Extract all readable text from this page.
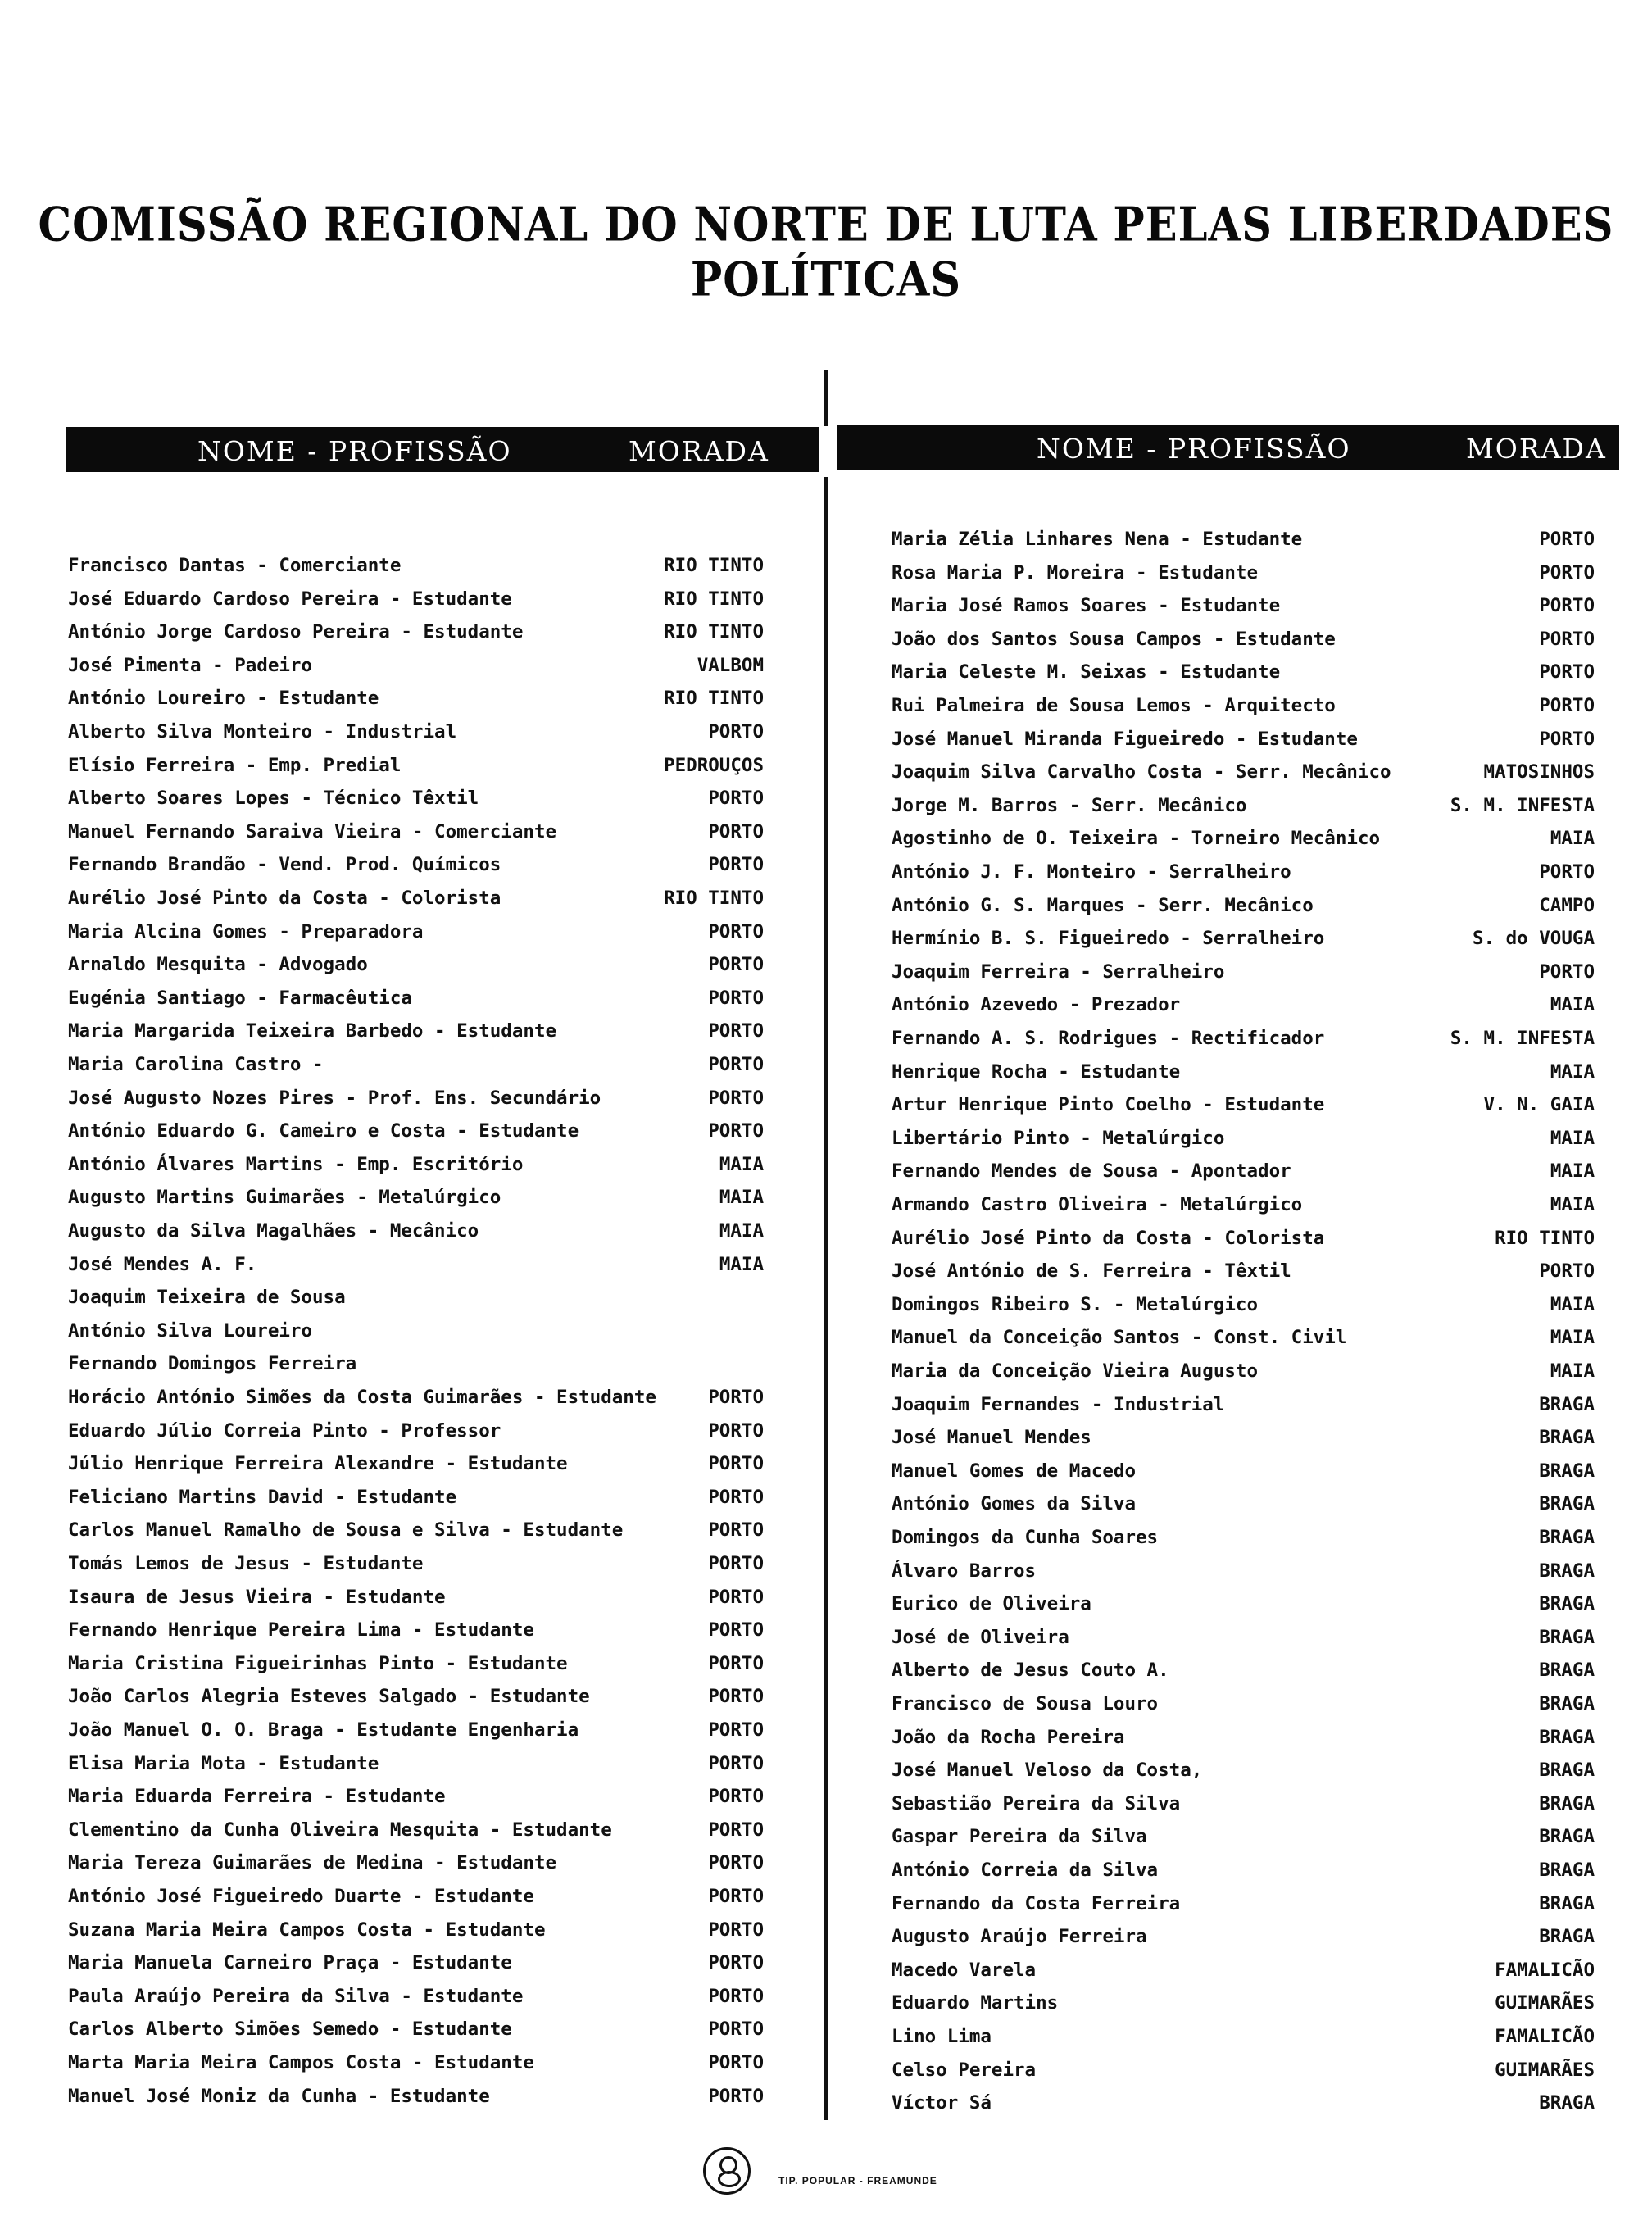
COMISSÃO REGIONAL DO NORTE DE LUTA PELAS LIBERDADES POLÍTICAS
NOME - PROFISSÃO	MORADA	NOME - PROFISSÃO	MORADA
Francisco Dantas - Comerciante	RIO TINTO
José Eduardo Cardoso Pereira - Estudante	RIO TINTO
António Jorge Cardoso Pereira - Estudante	RIO TINTO
José Pimenta - Padeiro	VALBOM
António Loureiro - Estudante	RIO TINTO
Alberto Silva Monteiro - Industrial	PORTO
Elísio Ferreira - Emp. Predial	PEDROUÇOS
Alberto Soares Lopes - Técnico Têxtil	PORTO
Manuel Fernando Saraiva Vieira - Comerciante	PORTO
Fernando Brandão - Vend. Prod. Químicos	PORTO
Aurélio José Pinto da Costa - Colorista	RIO TINTO
Maria Alcina Gomes - Preparadora	PORTO
Arnaldo Mesquita - Advogado	PORTO
Eugénia Santiago - Farmacêutica	PORTO
Maria Margarida Teixeira Barbedo - Estudante	PORTO
Maria Carolina Castro -	PORTO
José Augusto Nozes Pires - Prof. Ens. Secundário	PORTO
António Eduardo G. Cameiro e Costa - Estudante	PORTO
António Álvares Martins - Emp. Escritório	MAIA
Augusto Martins Guimarães - Metalúrgico	MAIA
Augusto da Silva Magalhães - Mecânico	MAIA
José Mendes A. F.	MAIA
Joaquim Teixeira de Sousa
António Silva Loureiro
Fernando Domingos Ferreira
Horácio António Simões da Costa Guimarães - Estudante	PORTO
Eduardo Júlio Correia Pinto - Professor	PORTO
Júlio Henrique Ferreira Alexandre - Estudante	PORTO
Feliciano Martins David - Estudante	PORTO
Carlos Manuel Ramalho de Sousa e Silva - Estudante	PORTO
Tomás Lemos de Jesus - Estudante	PORTO
Isaura de Jesus Vieira - Estudante	PORTO
Fernando Henrique Pereira Lima - Estudante	PORTO
Maria Cristina Figueirinhas Pinto - Estudante	PORTO
João Carlos Alegria Esteves Salgado - Estudante	PORTO
João Manuel O. O. Braga - Estudante Engenharia	PORTO
Elisa Maria Mota - Estudante	PORTO
Maria Eduarda Ferreira - Estudante	PORTO
Clementino da Cunha Oliveira Mesquita - Estudante	PORTO
Maria Tereza Guimarães de Medina - Estudante	PORTO
António José Figueiredo Duarte - Estudante	PORTO
Suzana Maria Meira Campos Costa - Estudante	PORTO
Maria Manuela Carneiro Praça - Estudante	PORTO
Paula Araújo Pereira da Silva - Estudante	PORTO
Carlos Alberto Simões Semedo - Estudante	PORTO
Marta Maria Meira Campos Costa - Estudante	PORTO
Manuel José Moniz da Cunha - Estudante	PORTO
Maria Zélia Linhares Nena - Estudante	PORTO
Rosa Maria P. Moreira - Estudante	PORTO
Maria José Ramos Soares - Estudante	PORTO
João dos Santos Sousa Campos - Estudante	PORTO
Maria Celeste M. Seixas - Estudante	PORTO
Rui Palmeira de Sousa Lemos - Arquitecto	PORTO
José Manuel Miranda Figueiredo - Estudante	PORTO
Joaquim Silva Carvalho Costa - Serr. Mecânico	MATOSINHOS
Jorge M. Barros - Serr. Mecânico	S. M. INFESTA
Agostinho de O. Teixeira - Torneiro Mecânico	MAIA
António J. F. Monteiro - Serralheiro	PORTO
António G. S. Marques - Serr. Mecânico	CAMPO
Hermínio B. S. Figueiredo - Serralheiro	S. do VOUGA
Joaquim Ferreira - Serralheiro	PORTO
António Azevedo - Prezador	MAIA
Fernando A. S. Rodrigues - Rectificador	S. M. INFESTA
Henrique Rocha - Estudante	MAIA
Artur Henrique Pinto Coelho - Estudante	V. N. GAIA
Libertário Pinto - Metalúrgico	MAIA
Fernando Mendes de Sousa - Apontador	MAIA
Armando Castro Oliveira - Metalúrgico	MAIA
Aurélio José Pinto da Costa - Colorista	RIO TINTO
José António de S. Ferreira - Têxtil	PORTO
Domingos Ribeiro S. - Metalúrgico	MAIA
Manuel da Conceição Santos - Const. Civil	MAIA
Maria da Conceição Vieira Augusto	MAIA
Joaquim Fernandes - Industrial	BRAGA
José Manuel Mendes	BRAGA
Manuel Gomes de Macedo	BRAGA
António Gomes da Silva	BRAGA
Domingos da Cunha Soares	BRAGA
Álvaro Barros	BRAGA
Eurico de Oliveira	BRAGA
José de Oliveira	BRAGA
Alberto de Jesus Couto A.	BRAGA
Francisco de Sousa Louro	BRAGA
João da Rocha Pereira	BRAGA
José Manuel Veloso da Costa,	BRAGA
Sebastião Pereira da Silva	BRAGA
Gaspar Pereira da Silva	BRAGA
António Correia da Silva	BRAGA
Fernando da Costa Ferreira	BRAGA
Augusto Araújo Ferreira	BRAGA
Macedo Varela	FAMALICÃO
Eduardo Martins	GUIMARÃES
Lino Lima	FAMALICÃO
Celso Pereira	GUIMARÃES
Víctor Sá	BRAGA
TIP. POPULAR - FREAMUNDE
